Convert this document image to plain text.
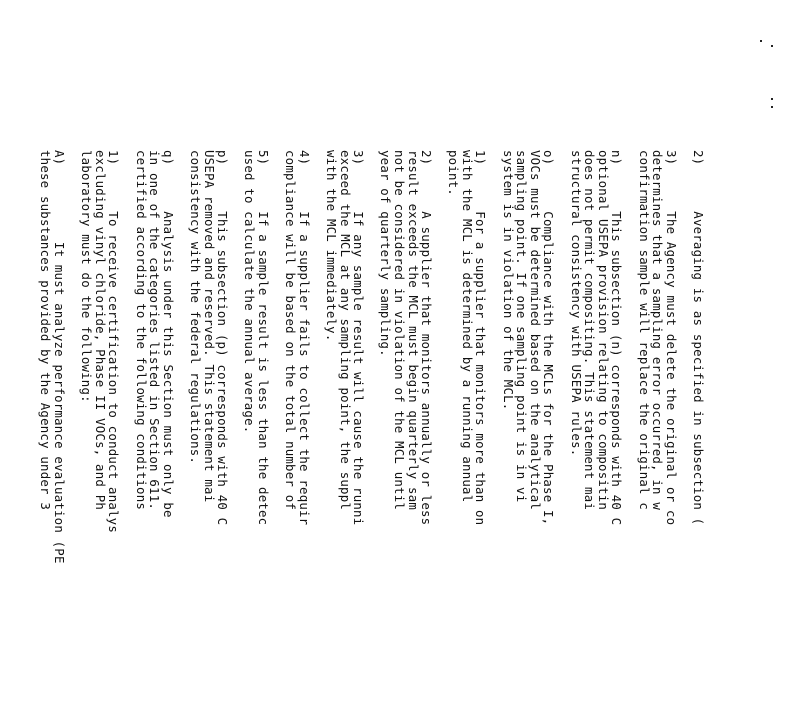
2)      Averaging is as specified in subsection (
3)      The Agency must delete the original or co
determines that a sampling error occurred, in w
confirmation sample will replace the original c
n)      This subsection (n) corresponds with 40 C
optional USEPA provision relating to compositin
does not permit compositing. This statement mai
structural consistency with USEPA rules.
o)      Compliance with the MCLs for the Phase I,
VOCs must be determined based on the analytical
sampling point. If one sampling point is in vi
system is in violation of the MCL.
1)      For a supplier that monitors more than on
with the MCL is determined by a running annual
point.
2)      A supplier that monitors annually or less
result exceeds the MCL must begin quarterly sam
not be considered in violation of the MCL until
year of quarterly sampling.
3)      If any sample result will cause the runni
exceed the MCL at any sampling point, the suppl
with the MCL immediately.
4)      If a supplier fails to collect the requir
compliance will be based on the total number of
5)      If a sample result is less than the detec
used to calculate the annual average.
p)      This subsection (p) corresponds with 40 C
USEPA removed and reserved. This statement mai
consistency with the federal regulations.
q)      Analysis under this Section must only be
in one of the categories listed in Section 611.
certified according to the following conditions
1)      To receive certification to conduct analys
excluding vinyl chloride, Phase II VOCs, and Ph
laboratory must do the following:
A)          It must analyze performance evaluation (PE
these substances provided by the Agency under 3
